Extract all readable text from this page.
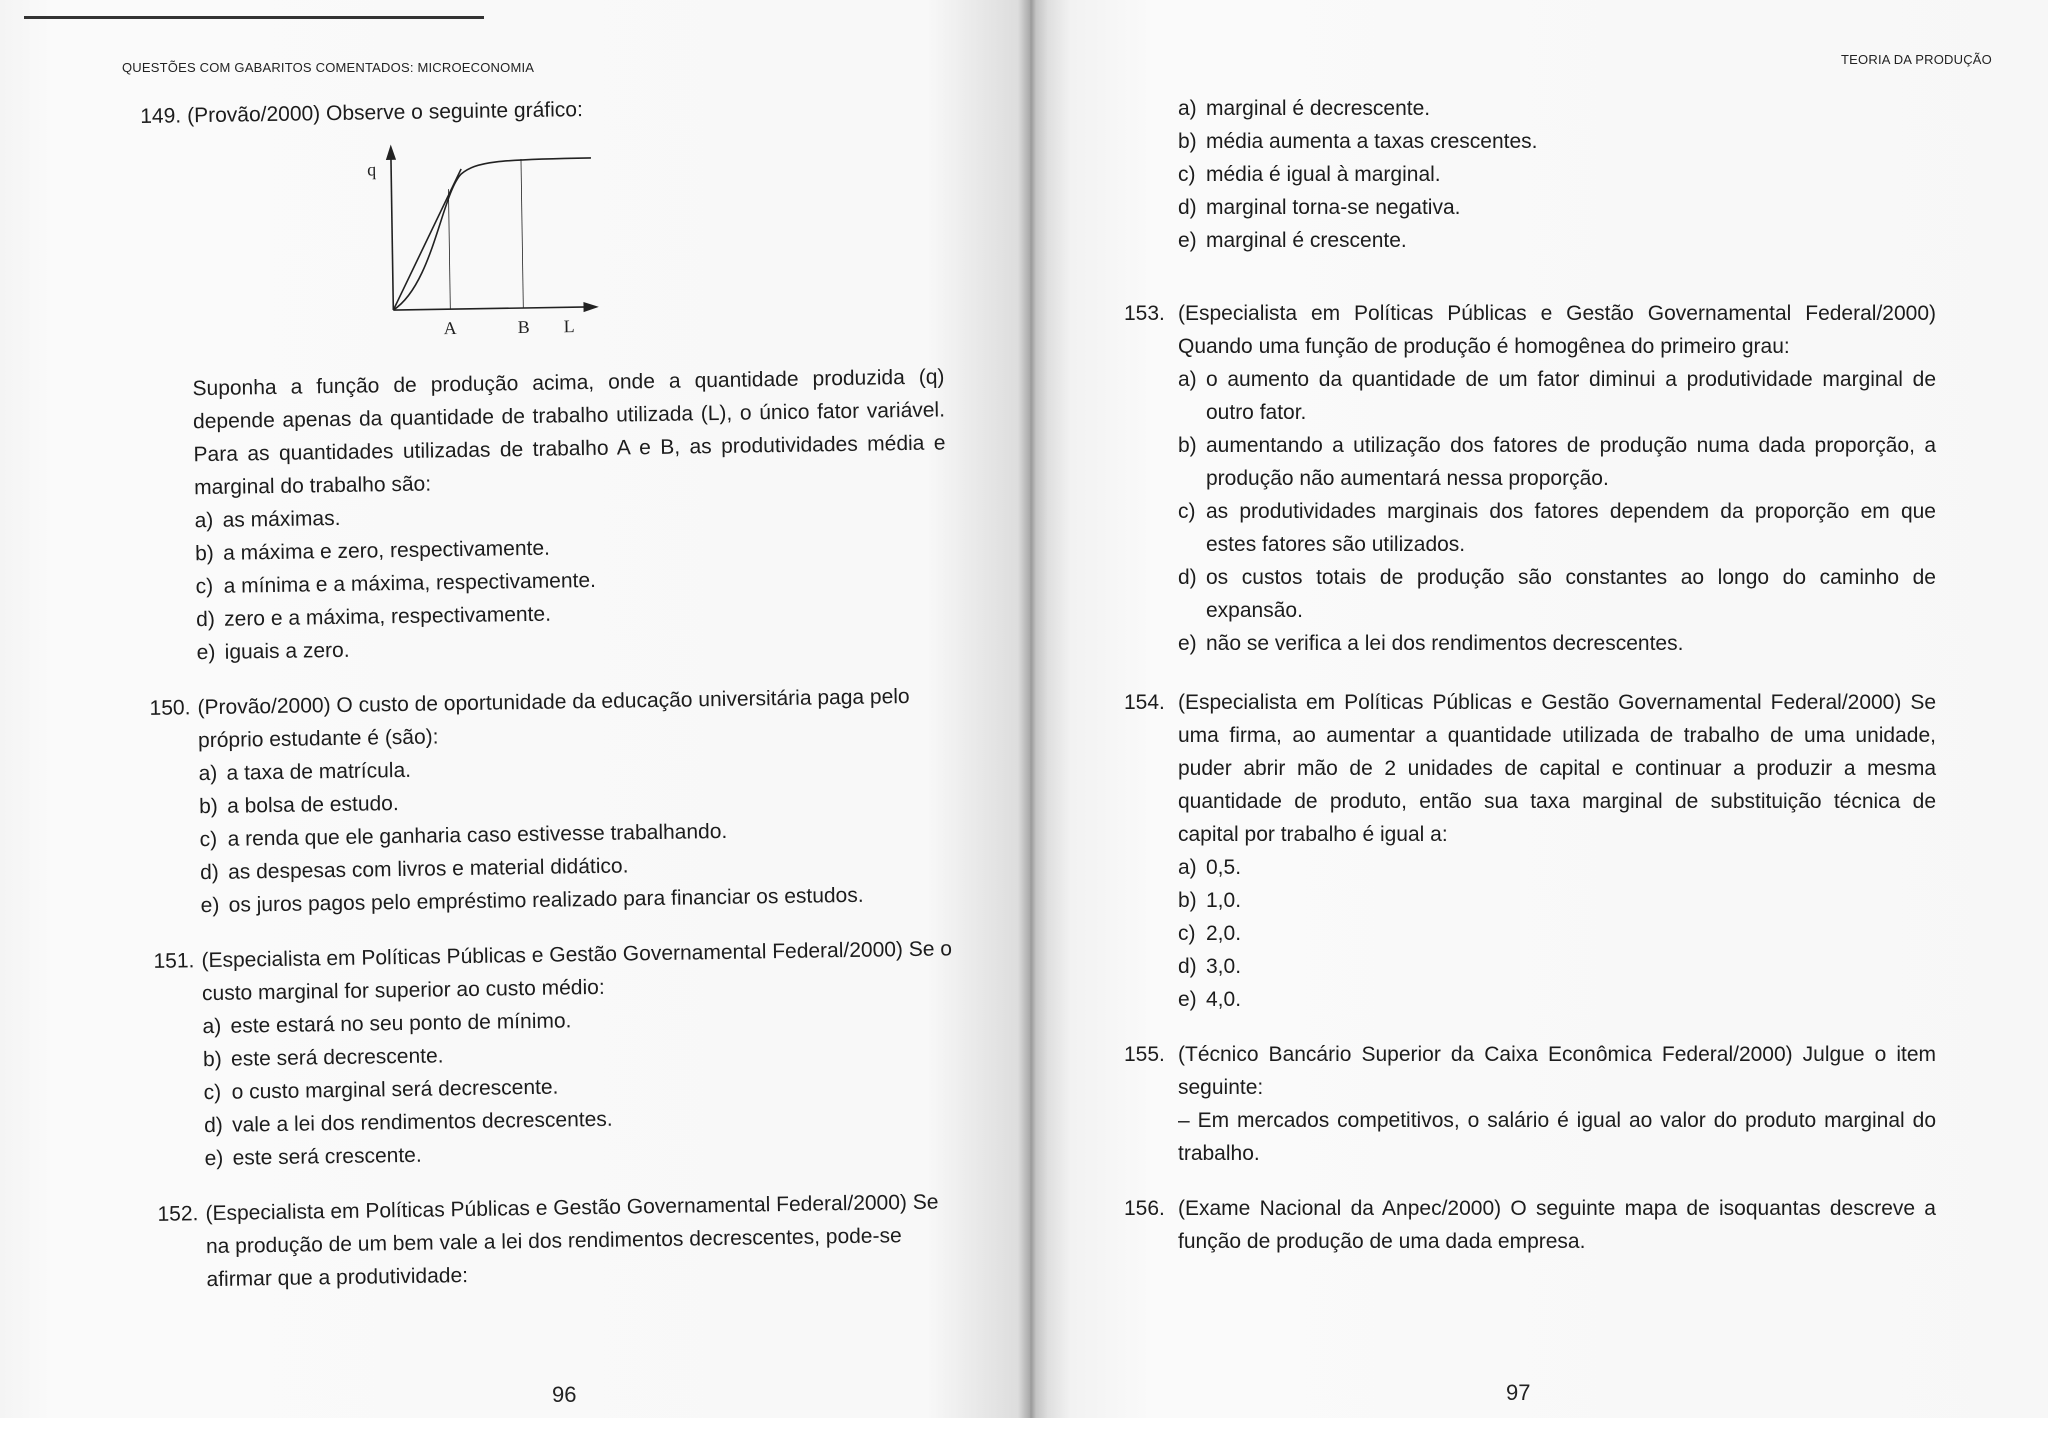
QUESTÕES COM GABARITOS COMENTADOS: MICROECONOMIA
149. (Provão/2000) Observe o seguinte gráfico:
q
A	B L
Suponha a função de produção acima, onde a quantidade produzida (q) depende apenas da quantidade de trabalho utilizada (L), o único fator variável. Para as quantidades utilizadas de trabalho A e B, as produtividades média e marginal do trabalho são:
a) as máximas.
b) a máxima e zero, respectivamente.
c) a mínima e a máxima, respectivamente.
d) zero e a máxima, respectivamente.
e) iguais a zero.
150. (Provão/2000) O custo de oportunidade da educação universitária paga pelo próprio estudante é (são):
a) a taxa de matrícula.
b) a bolsa de estudo.
c) a renda que ele ganharia caso estivesse trabalhando.
d) as despesas com livros e material didático.
e) os juros pagos pelo empréstimo realizado para financiar os estudos.
151. (Especialista em Políticas Públicas e Gestão Governamental Federal/2000) Se o custo marginal for superior ao custo médio:
a) este estará no seu ponto de mínimo.
b) este será decrescente.
c) o custo marginal será decrescente.
d) vale a lei dos rendimentos decrescentes.
e) este será crescente.
152. (Especialista em Políticas Públicas e Gestão Governamental Federal/2000) Se na produção de um bem vale a lei dos rendimentos decrescentes, pode-se afirmar que a produtividade:
96
TEORIA DA PRODUÇÃO
a) marginal é decrescente.
b) média aumenta a taxas crescentes.
c) média é igual à marginal.
d) marginal torna-se negativa.
e) marginal é crescente.
153. (Especialista em Políticas Públicas e Gestão Governamental Federal/2000) Quando uma função de produção é homogênea do primeiro grau:
a) o aumento da quantidade de um fator diminui a produtividade marginal de outro fator.
b) aumentando a utilização dos fatores de produção numa dada proporção, a produção não aumentará nessa proporção.
c) as produtividades marginais dos fatores dependem da proporção em que estes fatores são utilizados.
d) os custos totais de produção são constantes ao longo do caminho de expansão.
e) não se verifica a lei dos rendimentos decrescentes.
154. (Especialista em Políticas Públicas e Gestão Governamental Federal/2000) Se uma firma, ao aumentar a quantidade utilizada de trabalho de uma unidade, puder abrir mão de 2 unidades de capital e continuar a produzir a mesma quantidade de produto, então sua taxa marginal de substituição técnica de capital por trabalho é igual a:
a) 0,5.
b) 1,0.
c) 2,0.
d) 3,0.
e) 4,0.
155. (Técnico Bancário Superior da Caixa Econômica Federal/2000) Julgue o item seguinte:
– Em mercados competitivos, o salário é igual ao valor do produto marginal do trabalho.
156. (Exame Nacional da Anpec/2000) O seguinte mapa de isoquantas descreve a função de produção de uma dada empresa.
97
